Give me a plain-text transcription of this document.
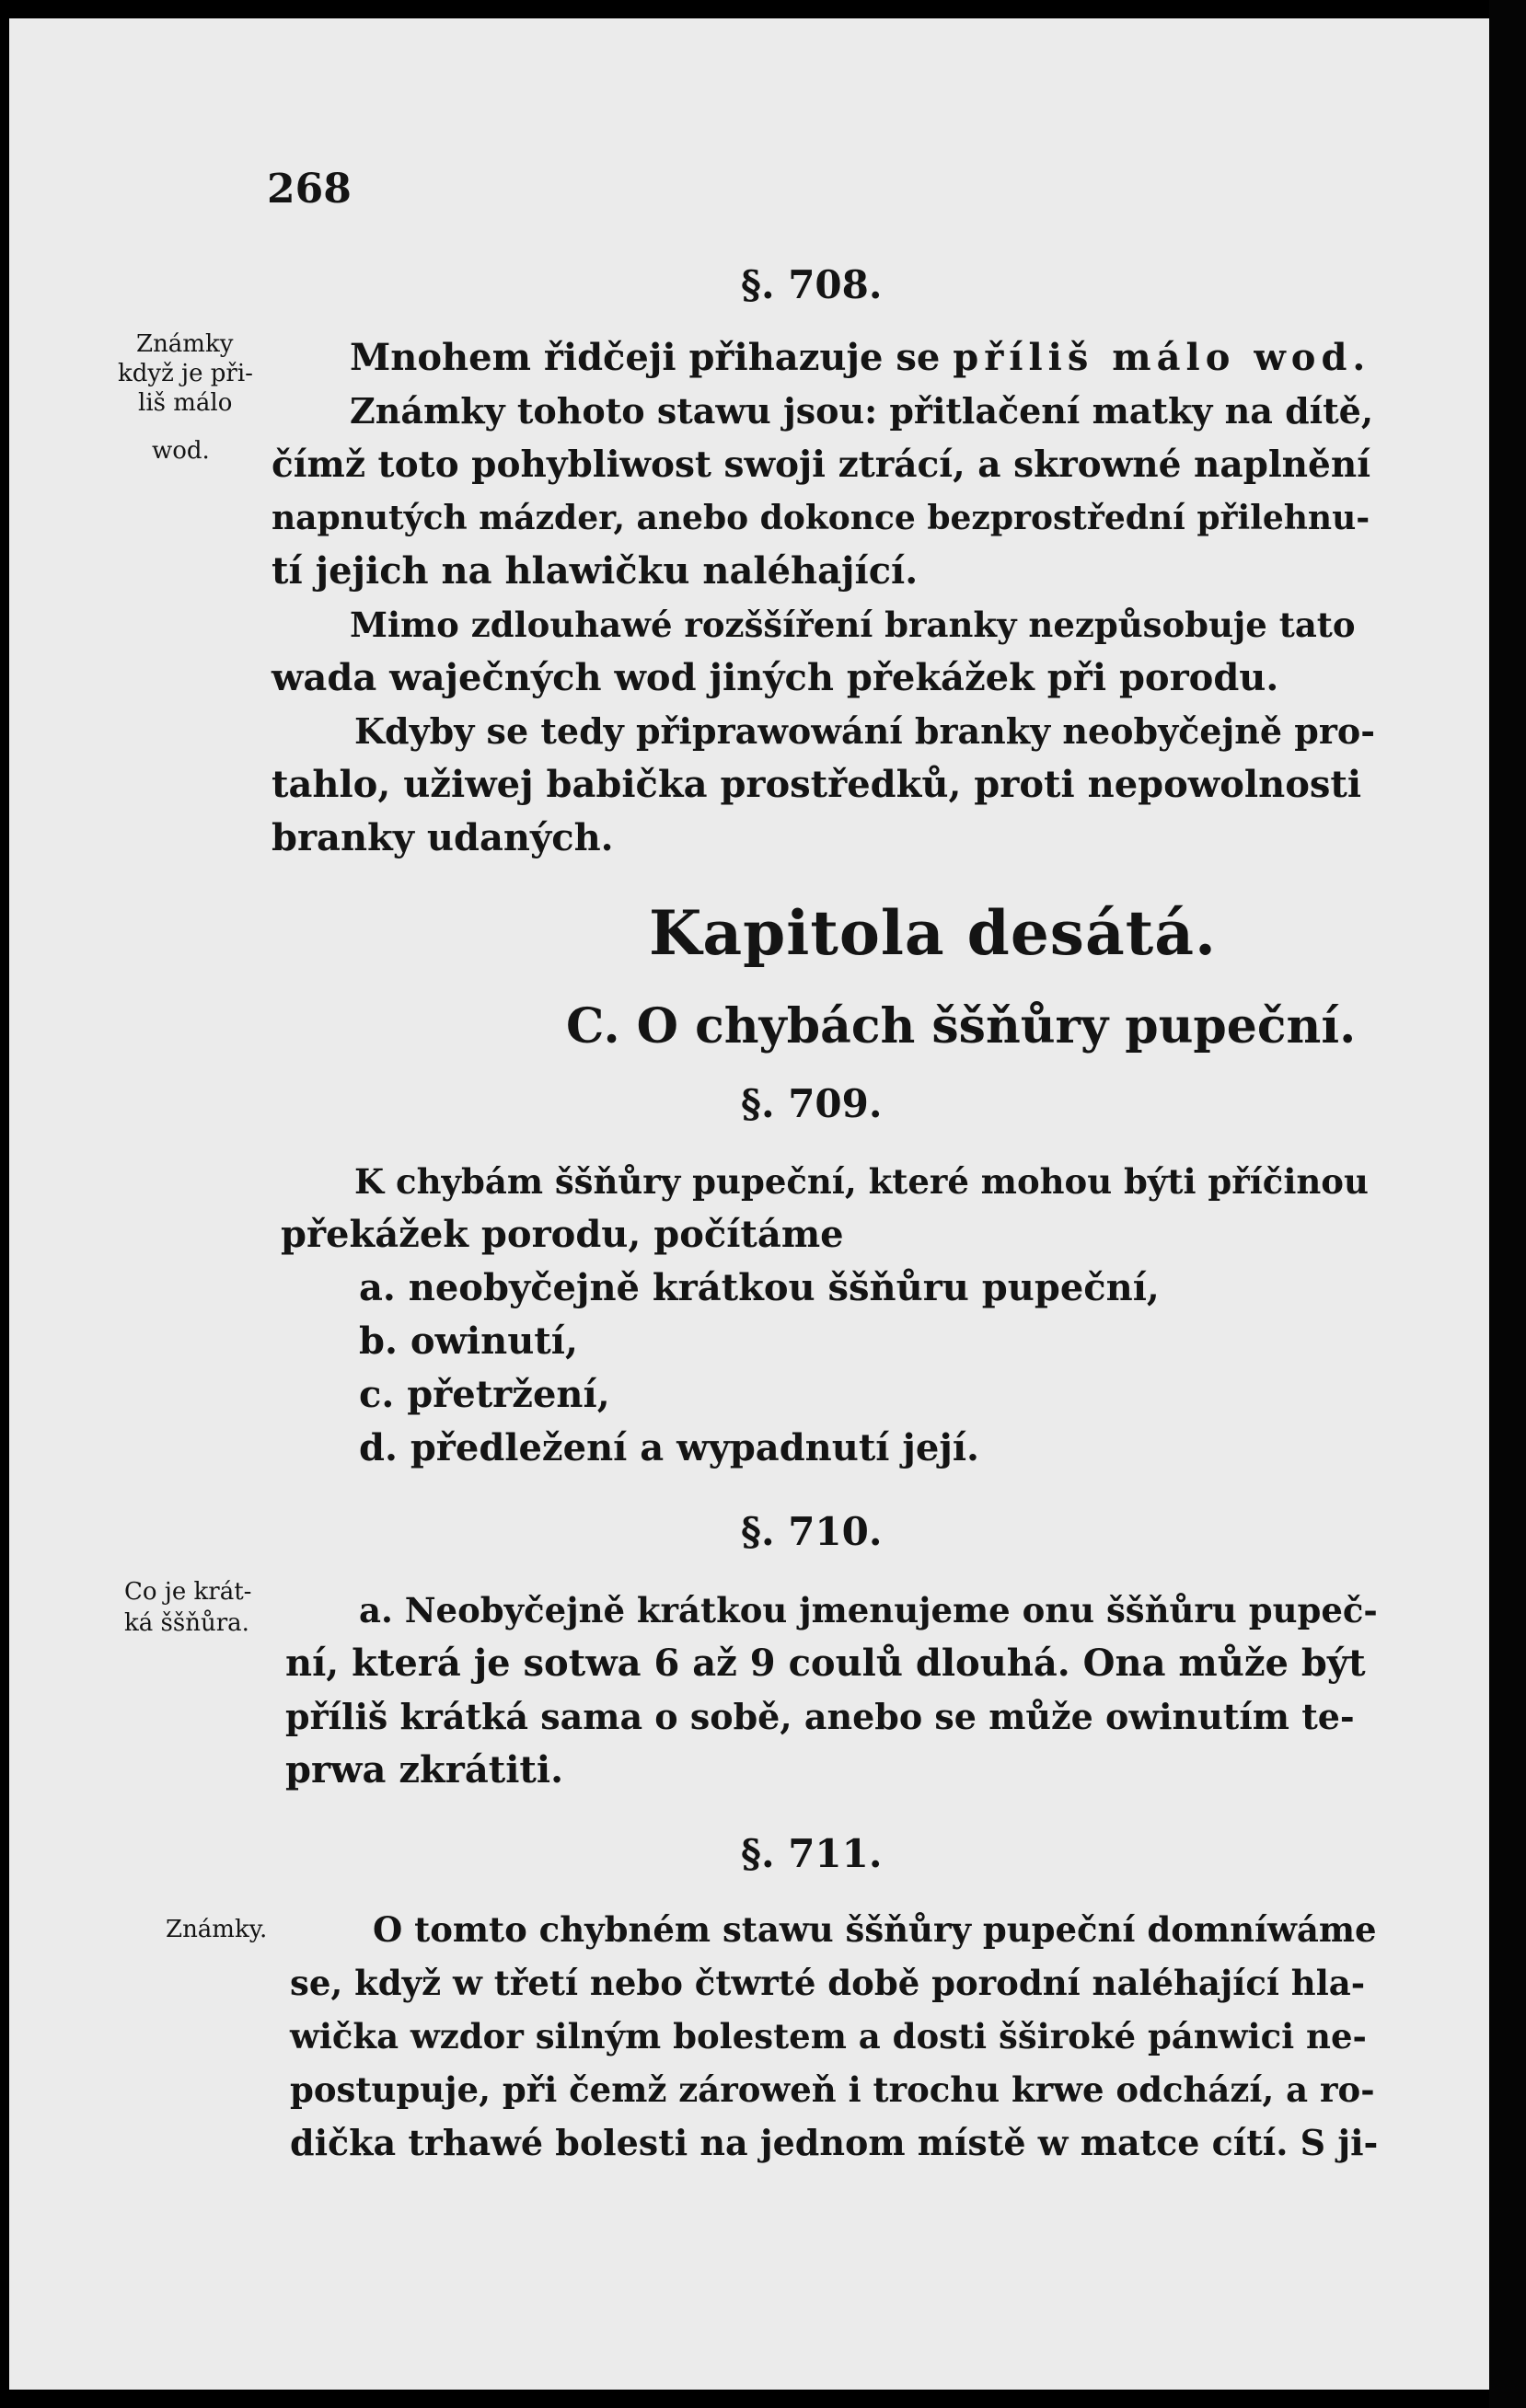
268
§. 708.
Známky
když je při-
liš málo
wod.
Mnohem řidčeji přihazuje se příliš málo wod.
Známky tohoto stawu jsou: přitlačení matky na dítě,
čímž toto pohybliwost swoji ztrácí, a skrowné naplnění
napnutých mázder, anebo dokonce bezprostřední přilehnu-
tí jejich na hlawičku naléhající.
Mimo zdlouhawé rozššíření branky nezpůsobuje tato
wada waječných wod jiných překážek při porodu.
Kdyby se tedy připrawowání branky neobyčejně pro-
tahlo, užiwej babička prostředků, proti nepowolnosti
branky udaných.
Kapitola desátá.
C. O chybách ššňůry pupeční.
§. 709.
K chybám ššňůry pupeční, které mohou býti příčinou
překážek porodu, počítáme
a. neobyčejně krátkou ššňůru pupeční,
b. owinutí,
c. přetržení,
d. předležení a wypadnutí její.
§. 710.
Co je krát-
ká ššňůra.	a. Neobyčejně krátkou jmenujeme onu ššňůru pupeč-
ní, která je sotwa 6 až 9 coulů dlouhá. Ona může být
příliš krátká sama o sobě, anebo se může owinutím te-
prwa zkrátiti.
§. 711.
Známky.	O tomto chybném stawu ššňůry pupeční domníwáme
se, když w třetí nebo čtwrté době porodní naléhající hla-
wička wzdor silným bolestem a dosti šširoké pánwici ne-
postupuje, při čemž zároweň i trochu krwe odchází, a ro-
dička trhawé bolesti na jednom místě w matce cítí. S ji-
